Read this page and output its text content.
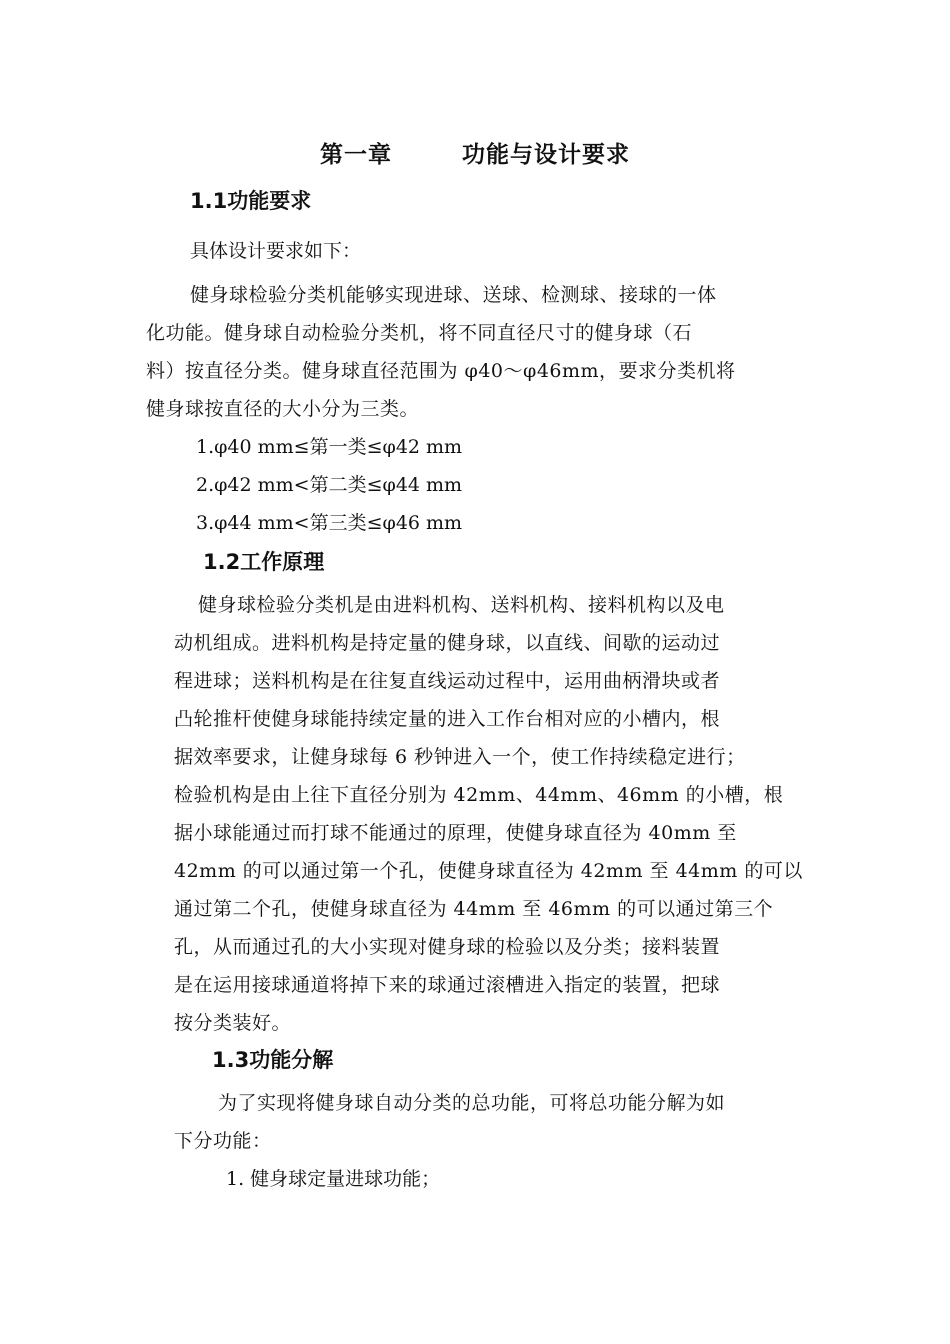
第一章	功能与设计要求
1.1功能要求
具体设计要求如下：
健身球检验分类机能够实现进球、送球、检测球、接球的一体
化功能。健身球自动检验分类机，将不同直径尺寸的健身球（石
料）按直径分类。健身球直径范围为 φ40～φ46mm，要求分类机将
健身球按直径的大小分为三类。
1.φ40 mm≤第一类≤φ42 mm
2.φ42 mm<第二类≤φ44 mm
3.φ44 mm<第三类≤φ46 mm
1.2工作原理
健身球检验分类机是由进料机构、送料机构、接料机构以及电
动机组成。进料机构是持定量的健身球，以直线、间歇的运动过
程进球；送料机构是在往复直线运动过程中，运用曲柄滑块或者
凸轮推杆使健身球能持续定量的进入工作台相对应的小槽内，根
据效率要求，让健身球每 6 秒钟进入一个，使工作持续稳定进行；
检验机构是由上往下直径分别为 42mm、44mm、46mm 的小槽，根
据小球能通过而打球不能通过的原理，使健身球直径为 40mm 至
42mm 的可以通过第一个孔，使健身球直径为 42mm 至 44mm 的可以
通过第二个孔，使健身球直径为 44mm 至 46mm 的可以通过第三个
孔，从而通过孔的大小实现对健身球的检验以及分类；接料装置
是在运用接球通道将掉下来的球通过滚槽进入指定的装置，把球
按分类装好。
1.3功能分解
为了实现将健身球自动分类的总功能，可将总功能分解为如
下分功能：
1. 健身球定量进球功能；
